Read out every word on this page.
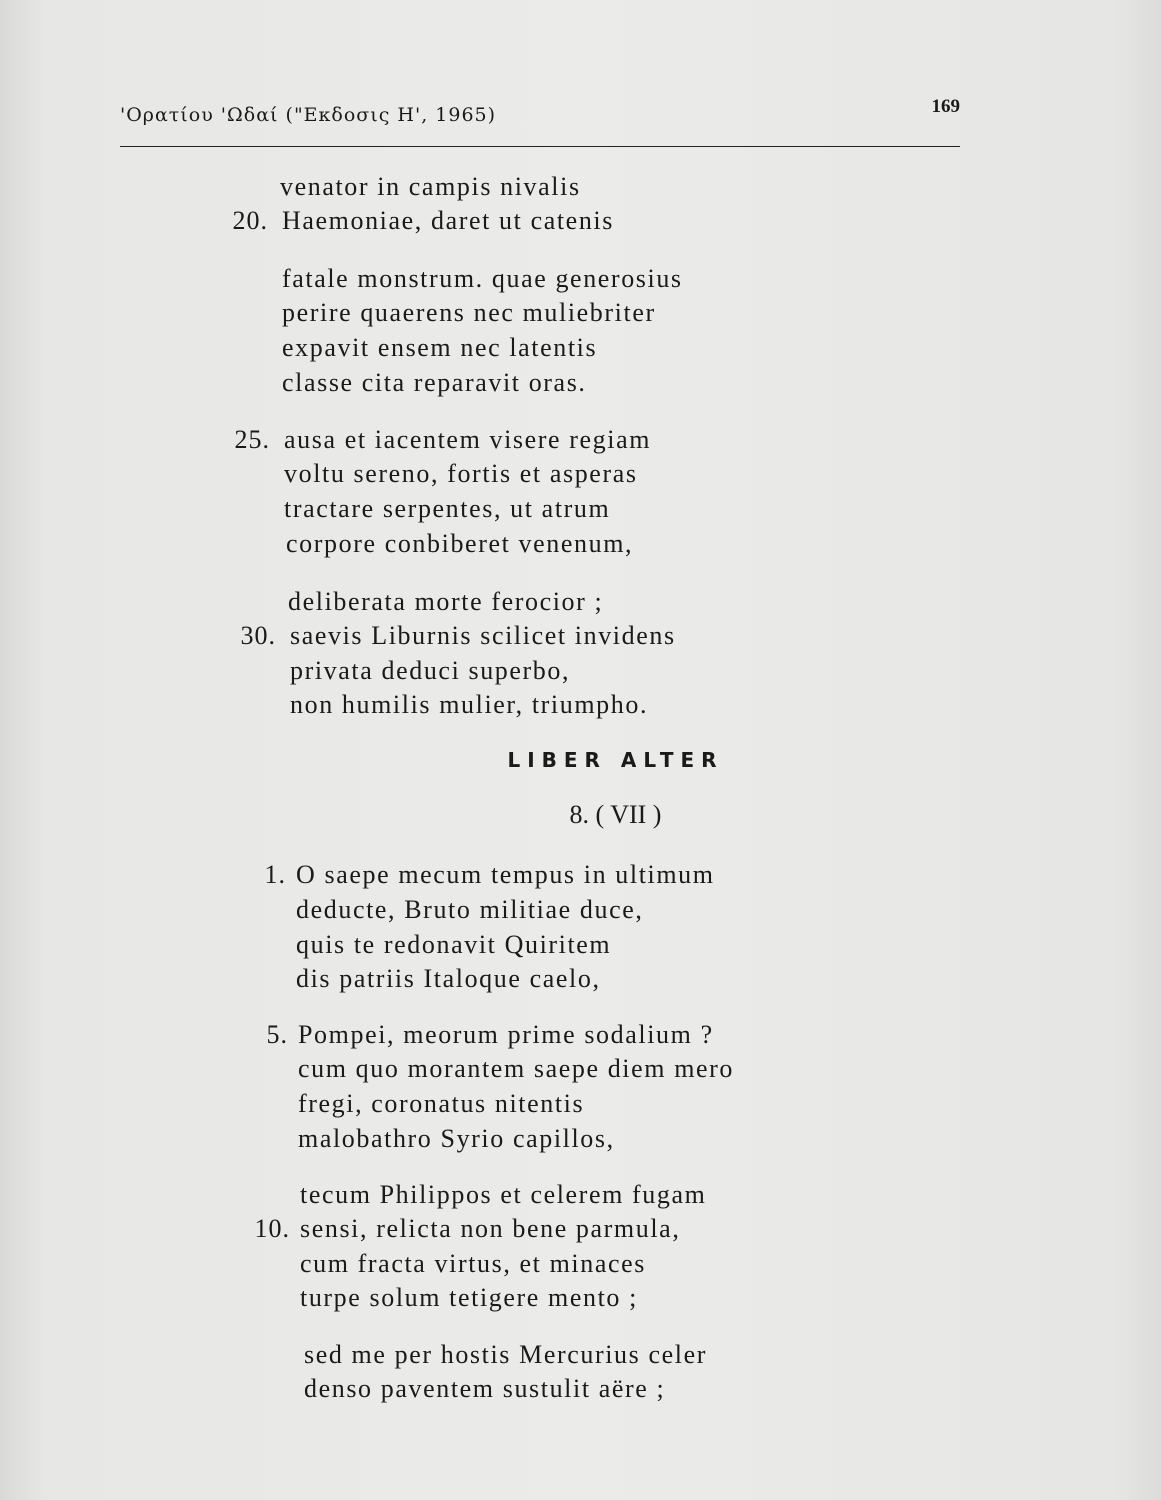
'Ορατίου 'Ωδαί ("Εκδοσις Η', 1965)	169
venator in campis nivalis
20. Haemoniae, daret ut catenis
fatale monstrum. quae generosius
perire quaerens nec muliebriter
expavit ensem nec latentis
classe cita reparavit oras.
25. ausa et iacentem visere regiam
voltu sereno, fortis et asperas
tractare serpentes, ut atrum
corpore conbiberet venenum,
deliberata morte ferocior ;
30. saevis Liburnis scilicet invidens
privata deduci superbo,
non humilis mulier, triumpho.
LIBER ALTER
8. ( VII )
1. O saepe mecum tempus in ultimum
deducte, Bruto militiae duce,
quis te redonavit Quiritem
dis patriis Italoque caelo,
5. Pompei, meorum prime sodalium ?
cum quo morantem saepe diem mero
fregi, coronatus nitentis
malobathro Syrio capillos,
tecum Philippos et celerem fugam
10. sensi, relicta non bene parmula,
cum fracta virtus, et minaces
turpe solum tetigere mento ;
sed me per hostis Mercurius celer
denso paventem sustulit aëre ;
